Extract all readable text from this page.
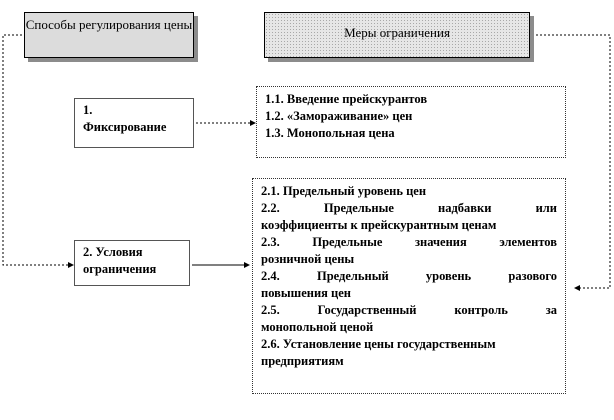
Способы регулирования цены
Меры ограничения
1.
Фиксирование
2. Условия
ограничения
1.1. Введение прейскурантов
1.2. «Замораживание» цен
1.3. Монопольная цена
2.1. Предельный уровень цен
2.2. Предельные надбавки или
коэффициенты к прейскурантным ценам
2.3. Предельные значения элементов
розничной цены
2.4. Предельный уровень разового
повышения цен
2.5. Государственный контроль за
монопольной ценой
2.6. Установление цены государственным
предприятиям
